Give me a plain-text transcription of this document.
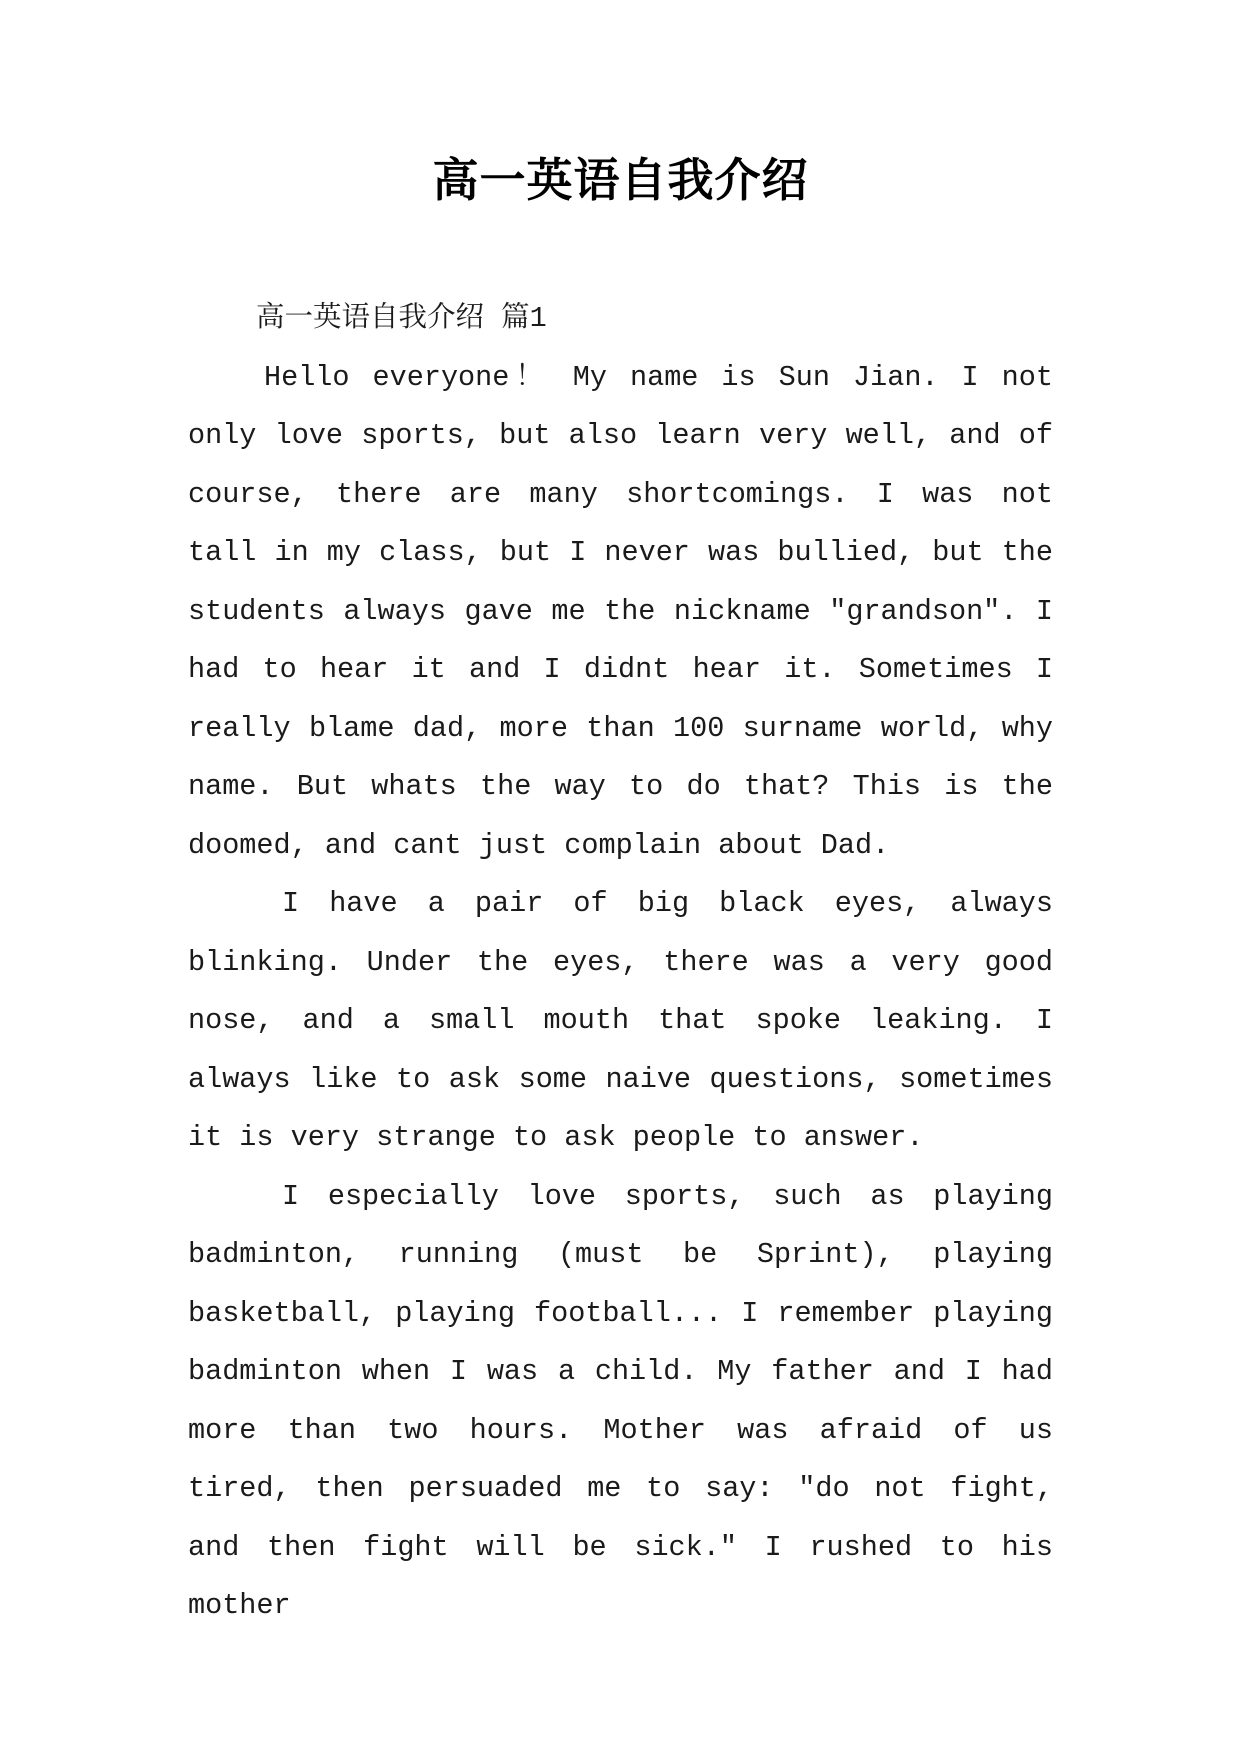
高一英语自我介绍

高一英语自我介绍 篇1

Hello everyone！ My name is Sun Jian. I not only love sports, but also learn very well, and of course, there are many shortcomings. I was not tall in my class, but I never was bullied, but the students always gave me the nickname "grandson". I had to hear it and I didnt hear it. Sometimes I really blame dad, more than 100 surname world, why name. But whats the way to do that? This is the doomed, and cant just complain about Dad.

I have a pair of big black eyes, always blinking. Under the eyes, there was a very good nose, and a small mouth that spoke leaking. I always like to ask some naive questions, sometimes it is very strange to ask people to answer.

I especially love sports, such as playing badminton, running (must be Sprint), playing basketball, playing football... I remember playing badminton when I was a child. My father and I had more than two hours. Mother was afraid of us tired, then persuaded me to say: "do not fight, and then fight will be sick." I rushed to his mother
